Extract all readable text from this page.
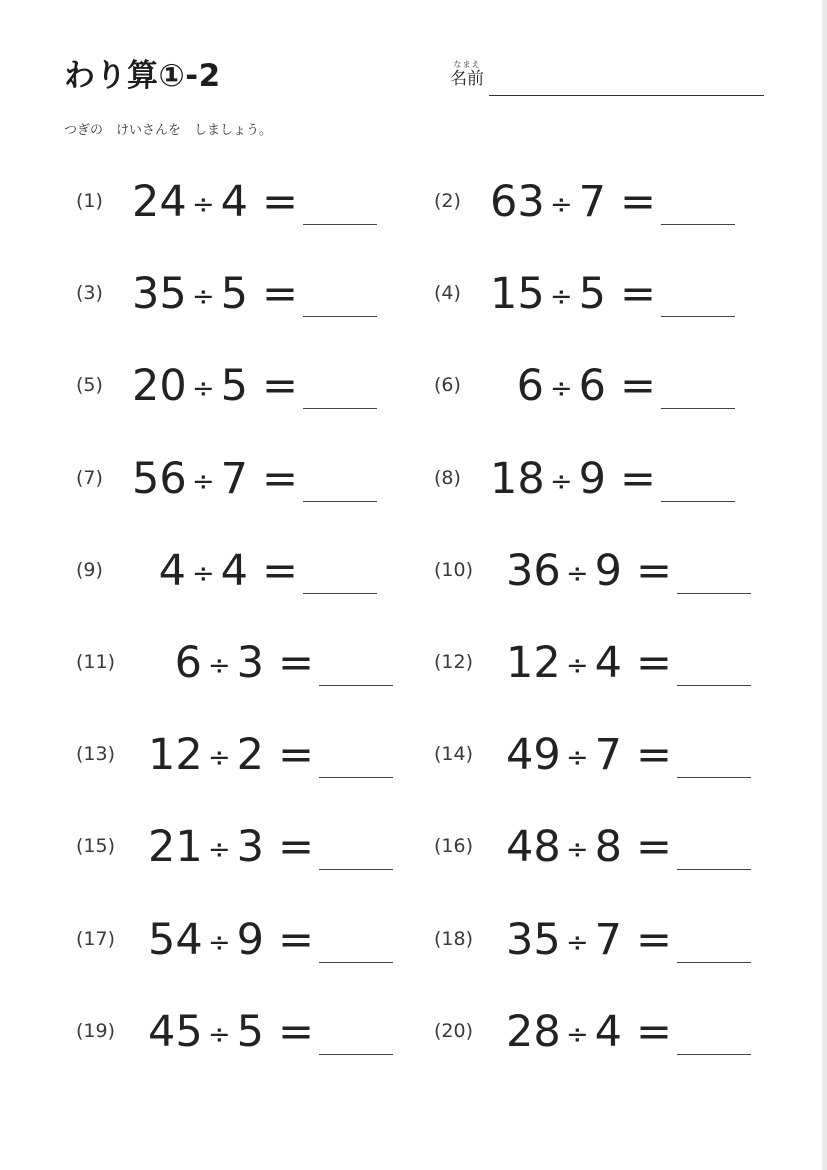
わり算①-2	なまえ
名前
つぎの　けいさんを　しましょう。
(1) 24 ÷ 4 =	(2) 63 ÷ 7 =
(3) 35 ÷ 5 =	(4) 15 ÷ 5 =
(5) 20 ÷ 5 =	(6)	6 ÷ 6 =
(7) 56 ÷ 7 =	(8) 18 ÷ 9 =
(9)	4 ÷ 4 =	(10) 36 ÷ 9 =
(11)	6 ÷ 3 =	(12) 12 ÷ 4 =
(13) 12 ÷ 2 =	(14) 49 ÷ 7 =
(15) 21 ÷ 3 =	(16) 48 ÷ 8 =
(17) 54 ÷ 9 =	(18) 35 ÷ 7 =
(19) 45 ÷ 5 =	(20) 28 ÷ 4 =
